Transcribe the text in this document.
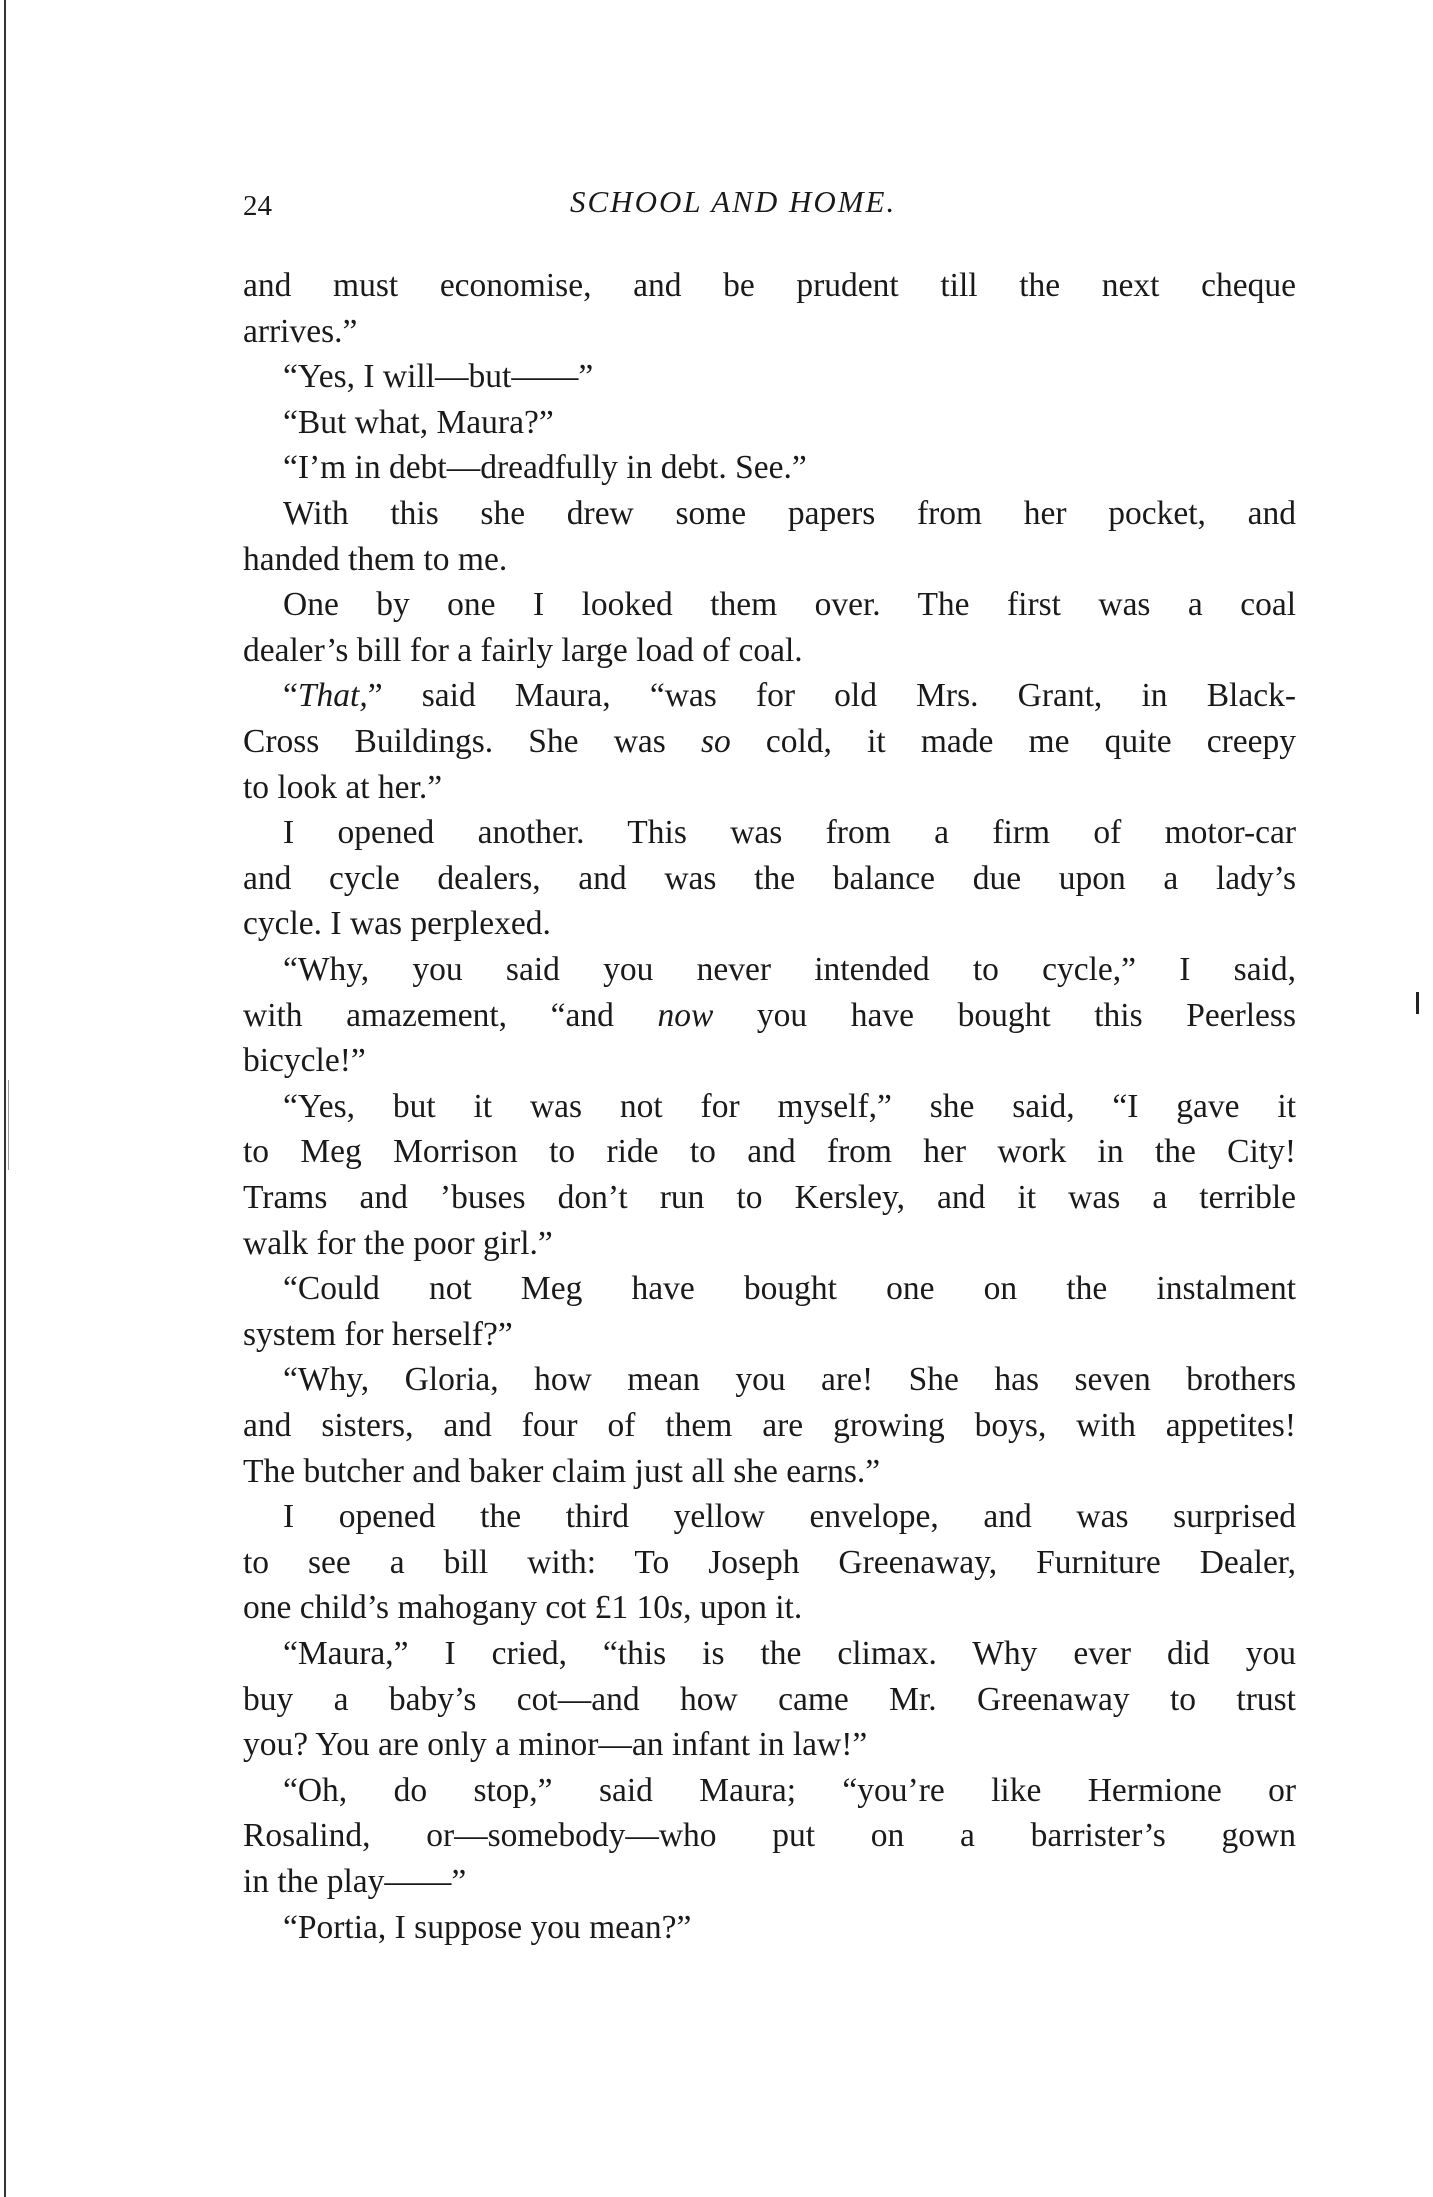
24	SCHOOL AND HOME.
and must economise, and be prudent till the next cheque
arrives.”
“Yes, I will—but——”
“But what, Maura?”
“I’m in debt—dreadfully in debt. See.”
With this she drew some papers from her pocket, and
handed them to me.
One by one I looked them over. The first was a coal
dealer’s bill for a fairly large load of coal.
“That,” said Maura, “was for old Mrs. Grant, in Black-
Cross Buildings. She was so cold, it made me quite creepy
to look at her.”
I opened another. This was from a firm of motor-car
and cycle dealers, and was the balance due upon a lady’s
cycle. I was perplexed.
“Why, you said you never intended to cycle,” I said,
with amazement, “and now you have bought this Peerless
bicycle!”
“Yes, but it was not for myself,” she said, “I gave it
to Meg Morrison to ride to and from her work in the City!
Trams and ’buses don’t run to Kersley, and it was a terrible
walk for the poor girl.”
“Could not Meg have bought one on the instalment
system for herself?”
“Why, Gloria, how mean you are! She has seven brothers
and sisters, and four of them are growing boys, with appetites!
The butcher and baker claim just all she earns.”
I opened the third yellow envelope, and was surprised
to see a bill with: To Joseph Greenaway, Furniture Dealer,
one child’s mahogany cot £1 10s, upon it.
“Maura,” I cried, “this is the climax. Why ever did you
buy a baby’s cot—and how came Mr. Greenaway to trust
you? You are only a minor—an infant in law!”
“Oh, do stop,” said Maura; “you’re like Hermione or
Rosalind, or—somebody—who put on a barrister’s gown
in the play——”
“Portia, I suppose you mean?”
